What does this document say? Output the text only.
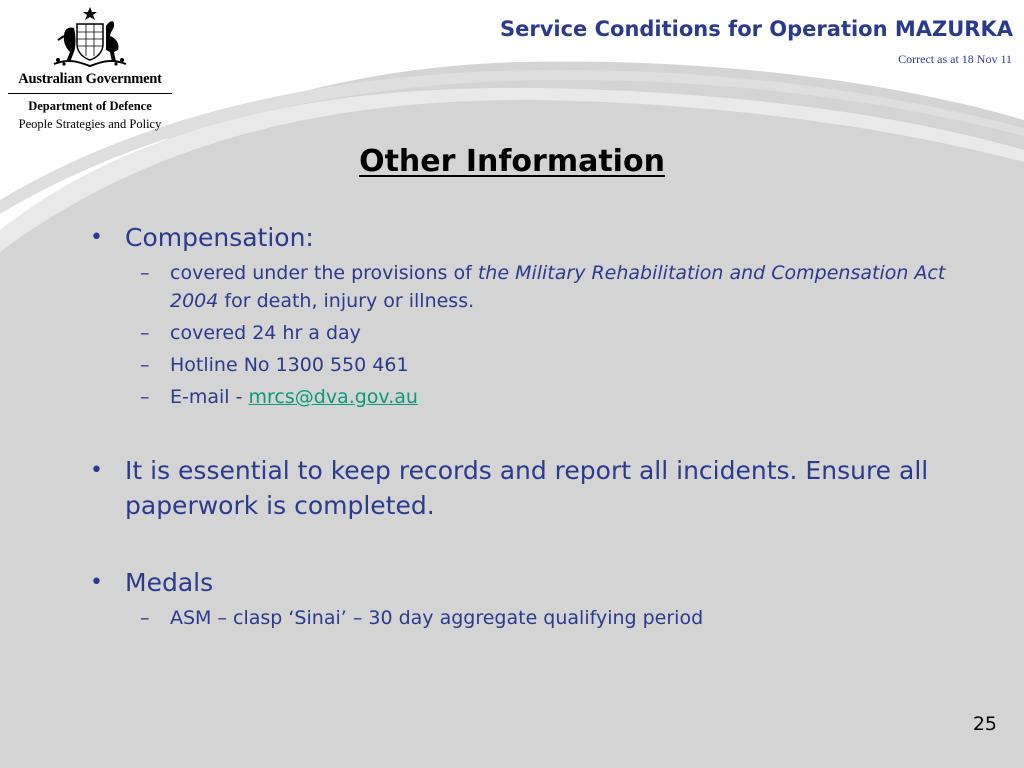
Australian Government
Department of Defence
People Strategies and Policy
Service Conditions for Operation MAZURKA
Correct as at 18 Nov 11
Other Information
• Compensation:
– covered under the provisions of the Military Rehabilitation and Compensation Act 2004 for death, injury or illness.
– covered 24 hr a day
– Hotline No 1300 550 461
– E-mail - mrcs@dva.gov.au
• It is essential to keep records and report all incidents. Ensure all paperwork is completed.
• Medals
– ASM – clasp ‘Sinai’ – 30 day aggregate qualifying period
25
